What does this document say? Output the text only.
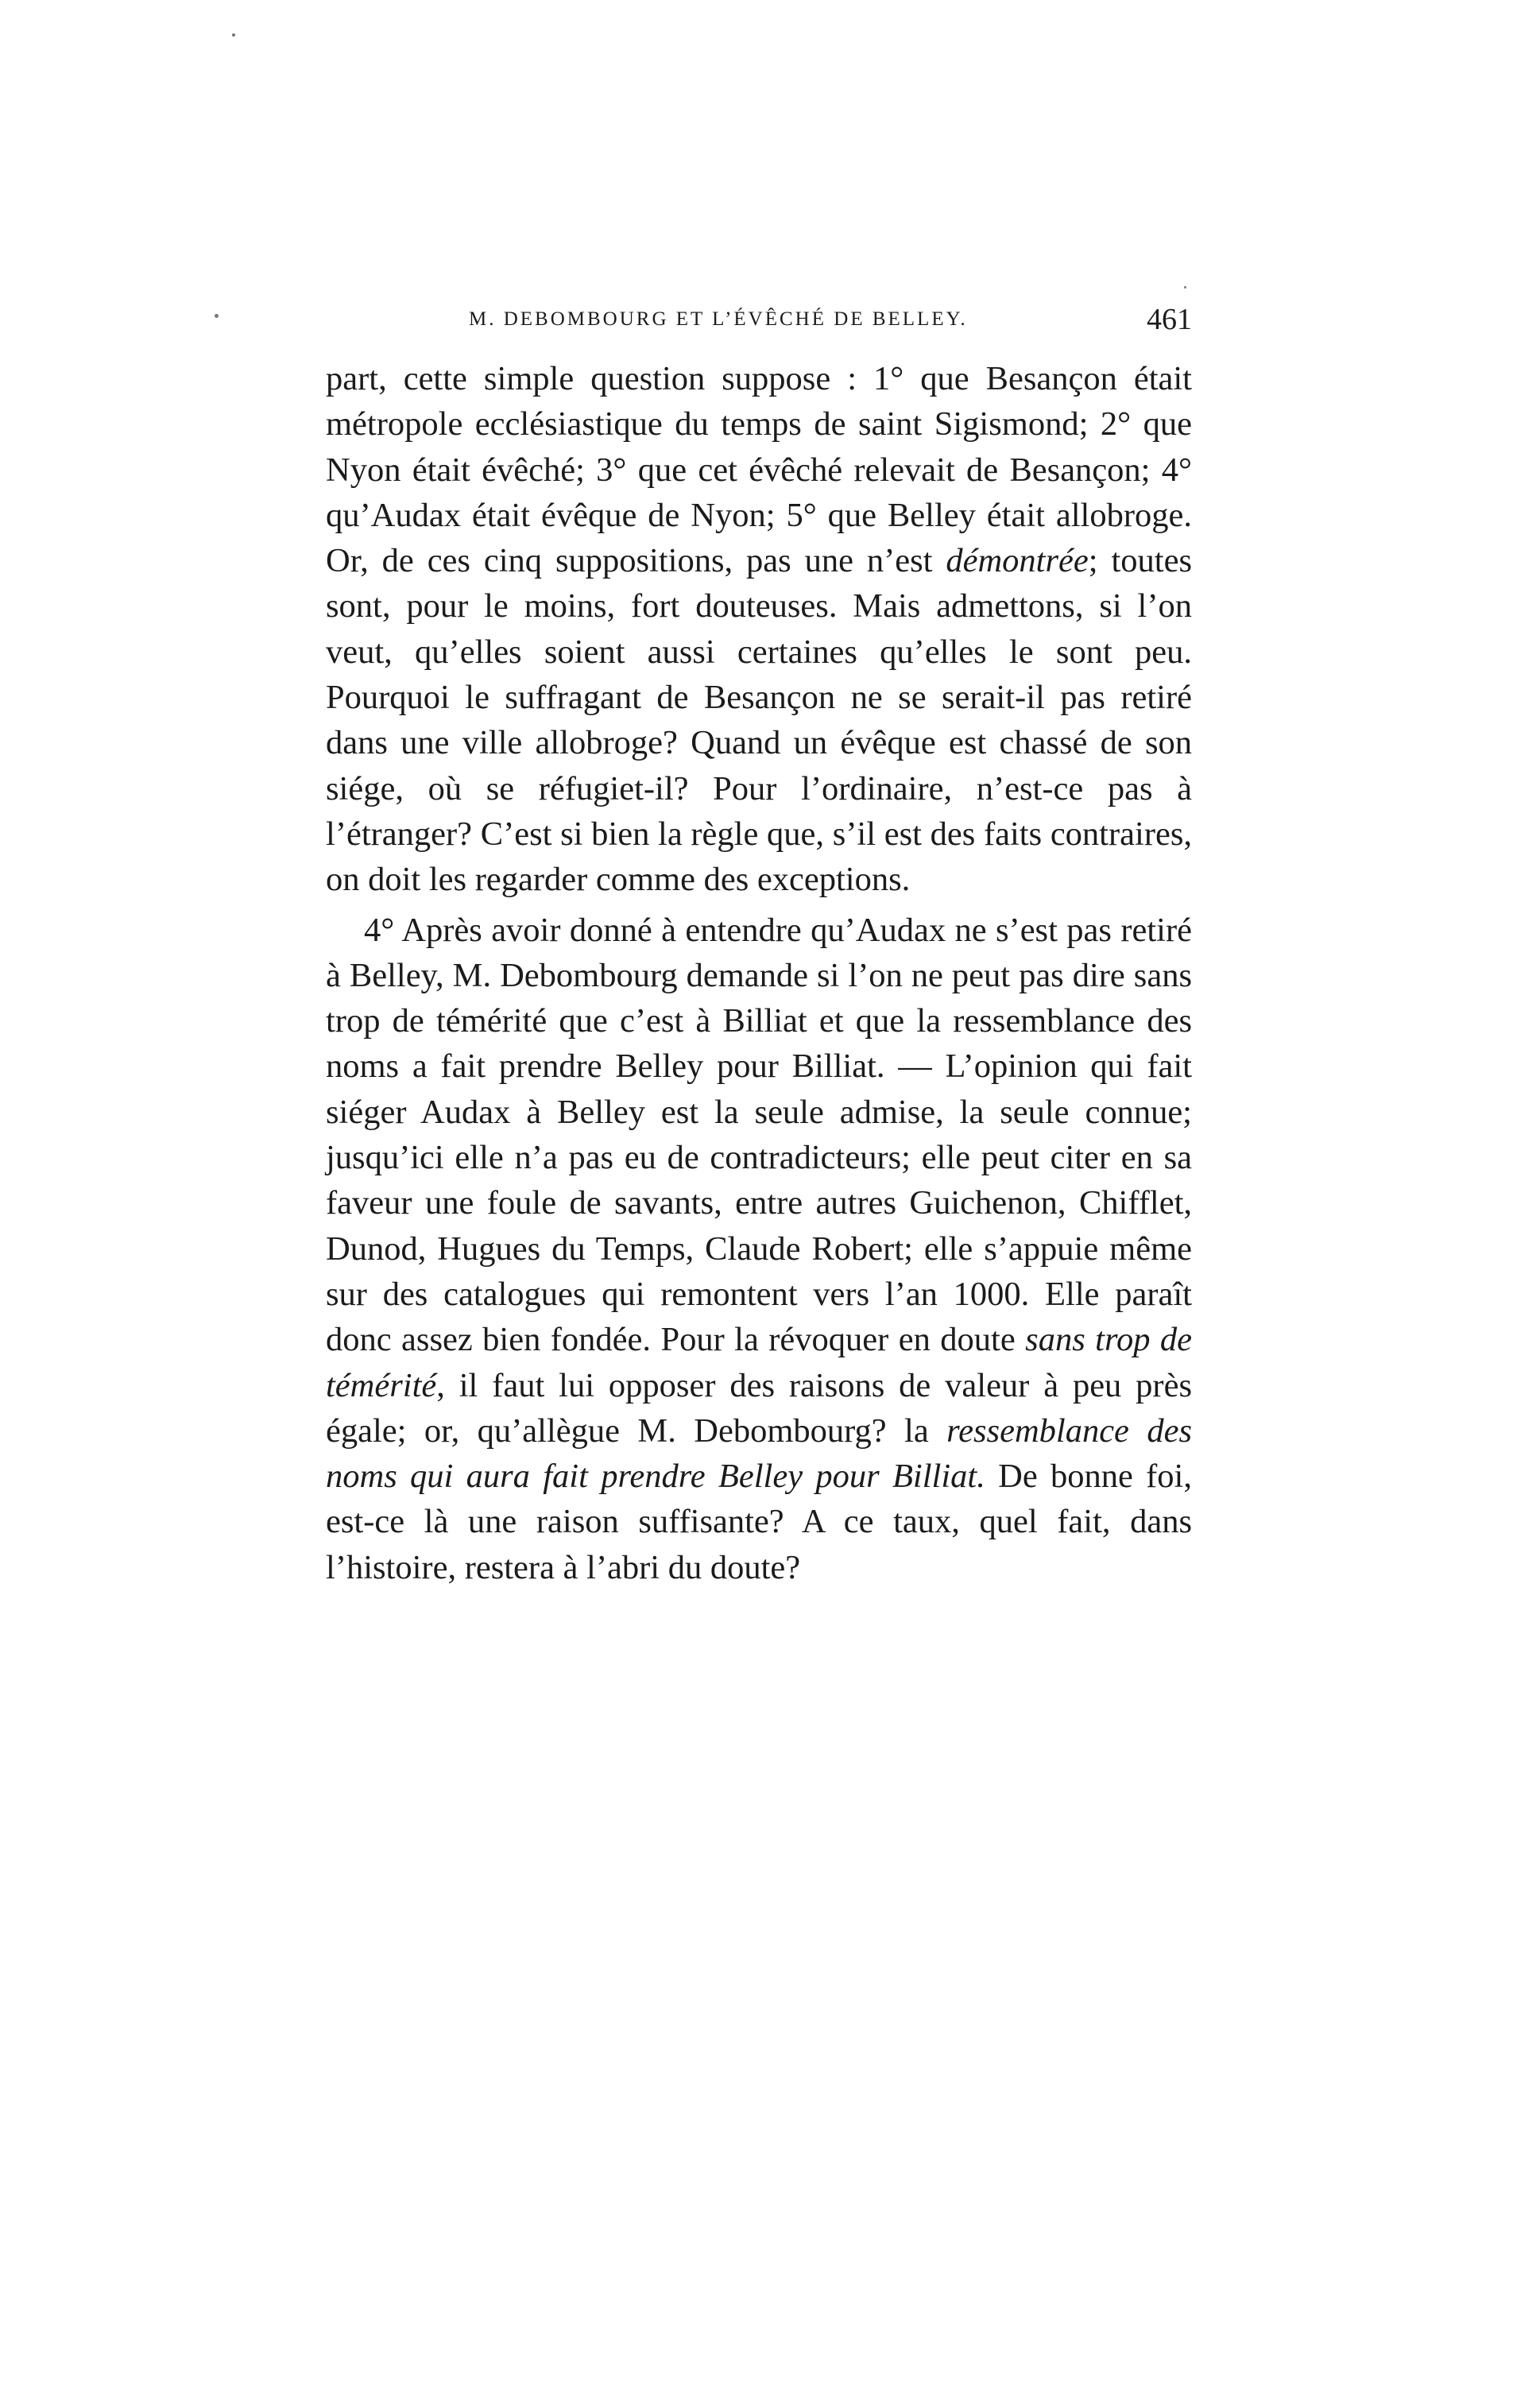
M. DEBOMBOURG ET L’ÉVÊCHÉ DE BELLEY.	461

part, cette simple question suppose : 1° que Besançon était métropole ecclésiastique du temps de saint Sigismond; 2° que Nyon était évêché; 3° que cet évêché relevait de Besançon; 4° qu’Audax était évêque de Nyon; 5° que Belley était allobroge. Or, de ces cinq suppositions, pas une n’est démontrée; toutes sont, pour le moins, fort douteuses. Mais admettons, si l’on veut, qu’elles soient aussi certaines qu’elles le sont peu. Pourquoi le suffragant de Besançon ne se serait-il pas retiré dans une ville allobroge? Quand un évêque est chassé de son siége, où se réfugiet-il? Pour l’ordinaire, n’est-ce pas à l’étranger? C’est si bien la règle que, s’il est des faits contraires, on doit les regarder comme des exceptions.

4° Après avoir donné à entendre qu’Audax ne s’est pas retiré à Belley, M. Debombourg demande si l’on ne peut pas dire sans trop de témérité que c’est à Billiat et que la ressemblance des noms a fait prendre Belley pour Billiat. — L’opinion qui fait siéger Audax à Belley est la seule admise, la seule connue; jusqu’ici elle n’a pas eu de contradicteurs; elle peut citer en sa faveur une foule de savants, entre autres Guichenon, Chifflet, Dunod, Hugues du Temps, Claude Robert; elle s’appuie même sur des catalogues qui remontent vers l’an 1000. Elle paraît donc assez bien fondée. Pour la révoquer en doute sans trop de témérité, il faut lui opposer des raisons de valeur à peu près égale; or, qu’allègue M. Debombourg? la ressemblance des noms qui aura fait prendre Belley pour Billiat. De bonne foi, est-ce là une raison suffisante? A ce taux, quel fait, dans l’histoire, restera à l’abri du doute?
